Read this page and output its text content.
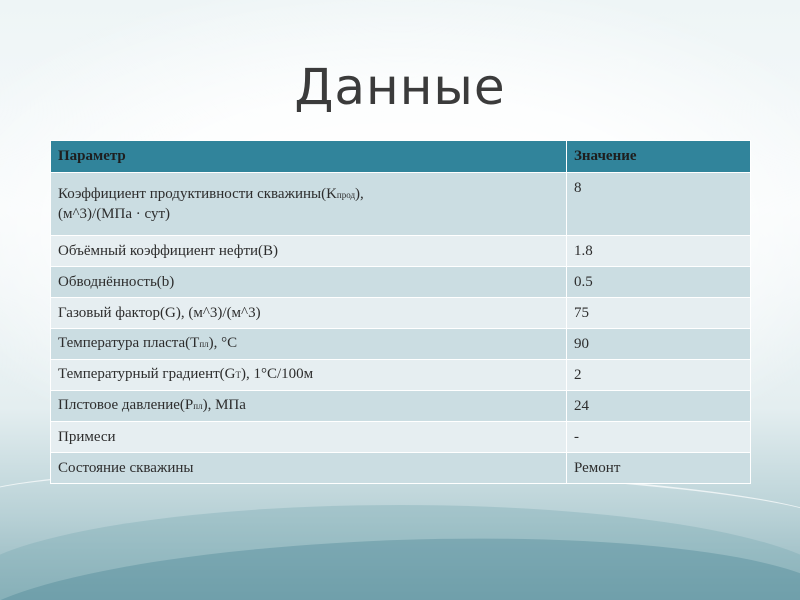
Данные
Параметр	Значение
Коэффициент продуктивности скважины(Kпрод),
(м^3)/(МПа · сут)	8
Объёмный коэффициент нефти(B)	1.8
Обводнённость(b)	0.5
Газовый фактор(G), (м^3)/(м^3)	75
Температура пласта(Tпл), °C	90
Температурный градиент(GT), 1°C/100м	2
Плстовое давление(Pпл), МПа	24
Примеси	-
Состояние скважины	Ремонт
